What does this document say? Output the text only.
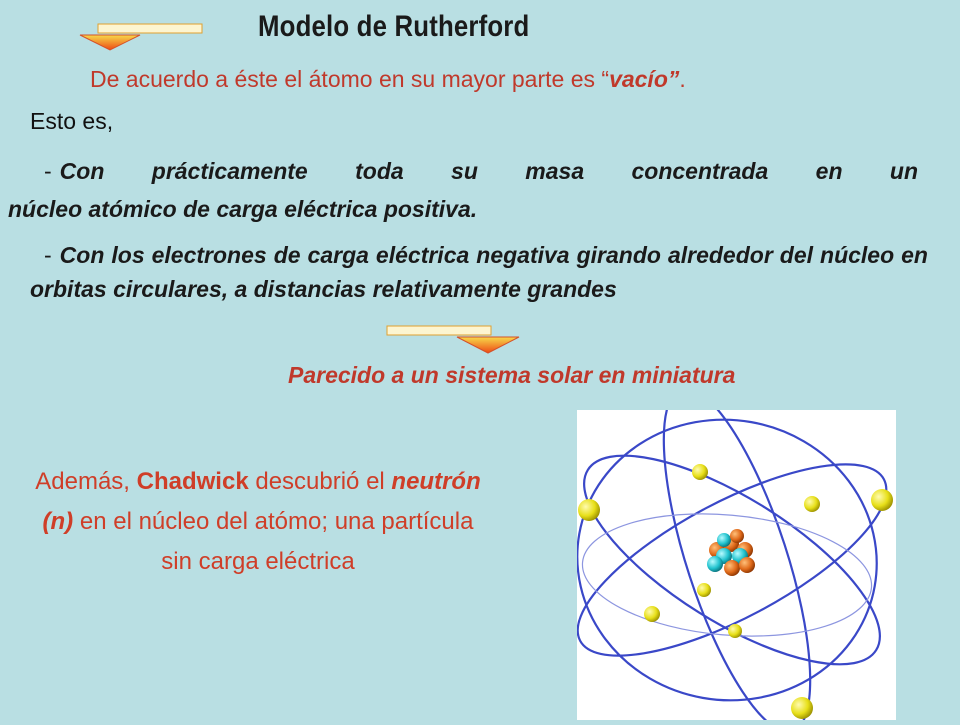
Modelo de Rutherford
De acuerdo a éste el átomo en su mayor parte es “vacío”.
Esto es,
- Con prácticamente toda su masa concentrada en un
núcleo atómico de carga eléctrica positiva.
- Con los electrones de carga eléctrica negativa girando alrededor del núcleo en orbitas circulares, a distancias relativamente grandes
Parecido a un sistema solar en miniatura
Además, Chadwick descubrió el neutrón (n) en el núcleo del atómo; una partícula sin carga eléctrica
